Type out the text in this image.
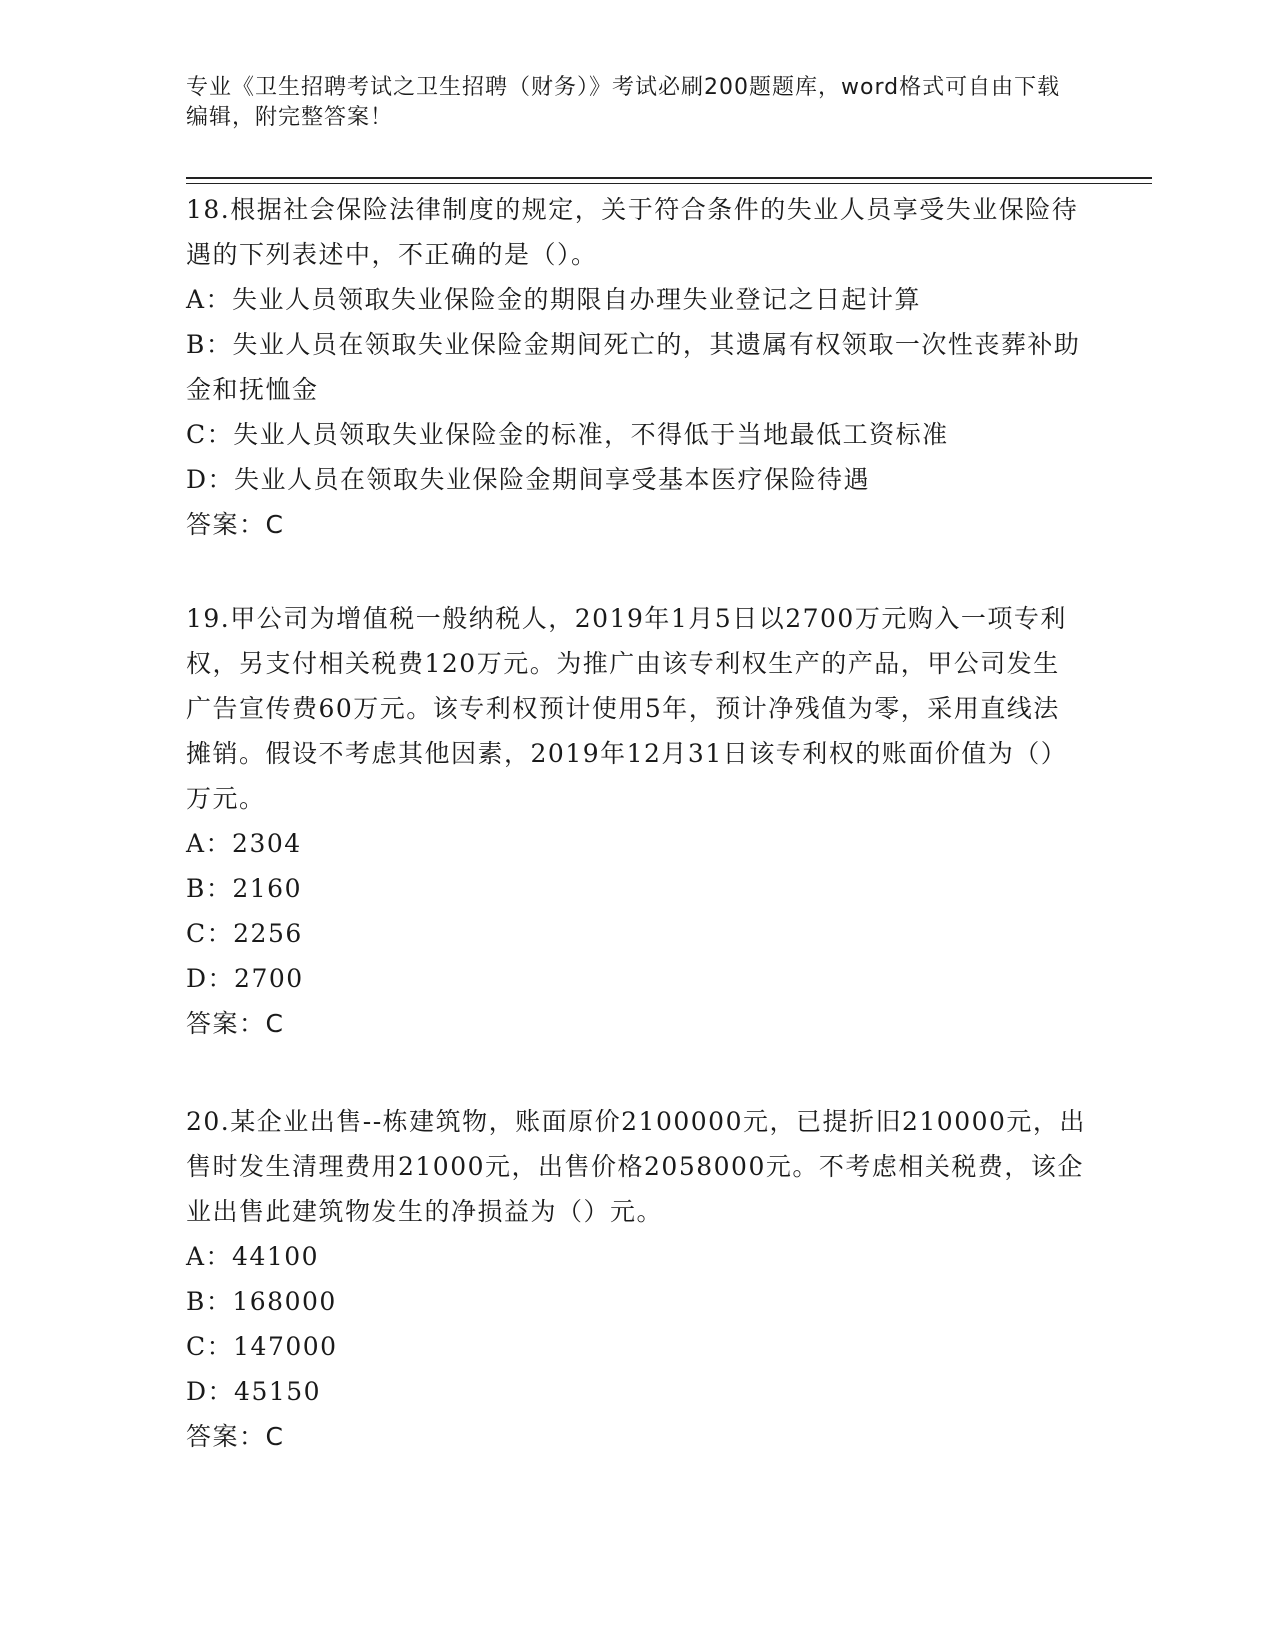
专业《卫生招聘考试之卫生招聘（财务）》考试必刷200题题库，word格式可自由下载编辑，附完整答案！

18.根据社会保险法律制度的规定，关于符合条件的失业人员享受失业保险待遇的下列表述中，不正确的是（）。

A：失业人员领取失业保险金的期限自办理失业登记之日起计算

B：失业人员在领取失业保险金期间死亡的，其遗属有权领取一次性丧葬补助金和抚恤金

C：失业人员领取失业保险金的标准，不得低于当地最低工资标准

D：失业人员在领取失业保险金期间享受基本医疗保险待遇

答案：C

19.甲公司为增值税一般纳税人，2019年1月5日以2700万元购入一项专利权，另支付相关税费120万元。为推广由该专利权生产的产品，甲公司发生广告宣传费60万元。该专利权预计使用5年，预计净残值为零，采用直线法摊销。假设不考虑其他因素，2019年12月31日该专利权的账面价值为（）万元。

A：2304

B：2160

C：2256

D：2700

答案：C

20.某企业出售--栋建筑物，账面原价2100000元，已提折旧210000元，出售时发生清理费用21000元，出售价格2058000元。不考虑相关税费，该企业出售此建筑物发生的净损益为（）元。

A：44100

B：168000

C：147000

D：45150

答案：C
